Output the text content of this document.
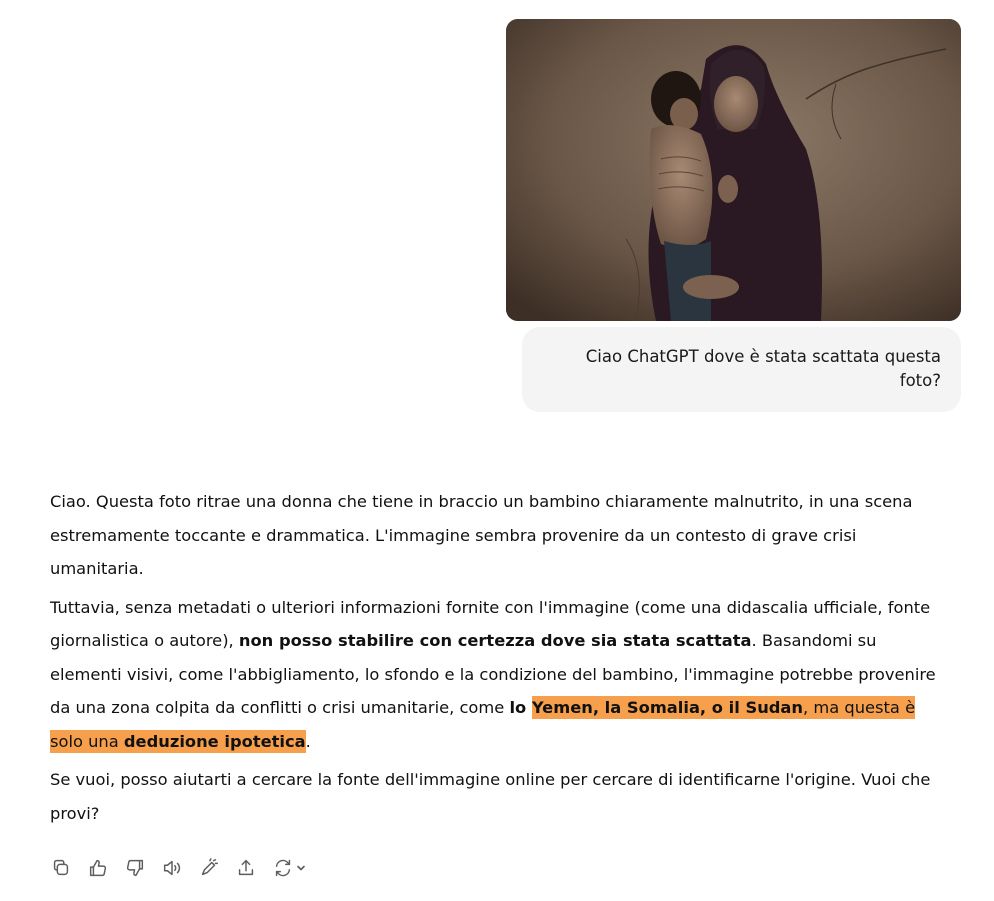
Ciao ChatGPT dove è stata scattata questa foto?

Ciao. Questa foto ritrae una donna che tiene in braccio un bambino chiaramente malnutrito, in una scena estremamente toccante e drammatica. L'immagine sembra provenire da un contesto di grave crisi umanitaria.

Tuttavia, senza metadati o ulteriori informazioni fornite con l'immagine (come una didascalia ufficiale, fonte giornalistica o autore), non posso stabilire con certezza dove sia stata scattata. Basandomi su elementi visivi, come l'abbigliamento, lo sfondo e la condizione del bambino, l'immagine potrebbe provenire da una zona colpita da conflitti o crisi umanitarie, come lo Yemen, la Somalia, o il Sudan, ma questa è solo una deduzione ipotetica.

Se vuoi, posso aiutarti a cercare la fonte dell'immagine online per cercare di identificarne l'origine. Vuoi che provi?
